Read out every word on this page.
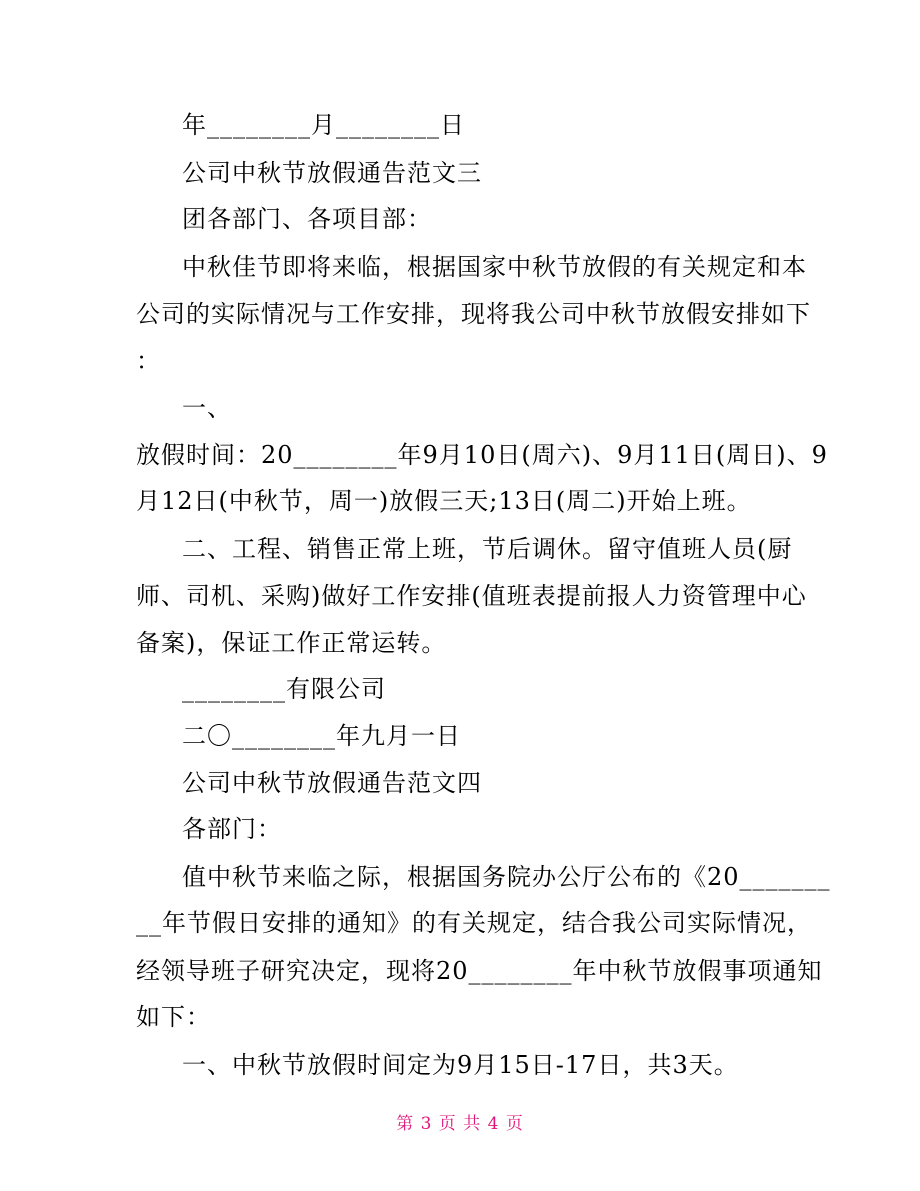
年________月________日
公司中秋节放假通告范文三
团各部门、各项目部：
中秋佳节即将来临，根据国家中秋节放假的有关规定和本
公司的实际情况与工作安排，现将我公司中秋节放假安排如下
：
一、
放假时间：20________年9月10日(周六)、9月11日(周日)、9
月12日(中秋节，周一)放假三天;13日(周二)开始上班。
二、工程、销售正常上班，节后调休。留守值班人员(厨
师、司机、采购)做好工作安排(值班表提前报人力资管理中心
备案)，保证工作正常运转。
________有限公司
二〇________年九月一日
公司中秋节放假通告范文四
各部门：
值中秋节来临之际，根据国务院办公厅公布的《20_______
__年节假日安排的通知》的有关规定，结合我公司实际情况，
经领导班子研究决定，现将20________年中秋节放假事项通知
如下：
一、中秋节放假时间定为9月15日-17日，共3天。
第 3 页 共 4 页
